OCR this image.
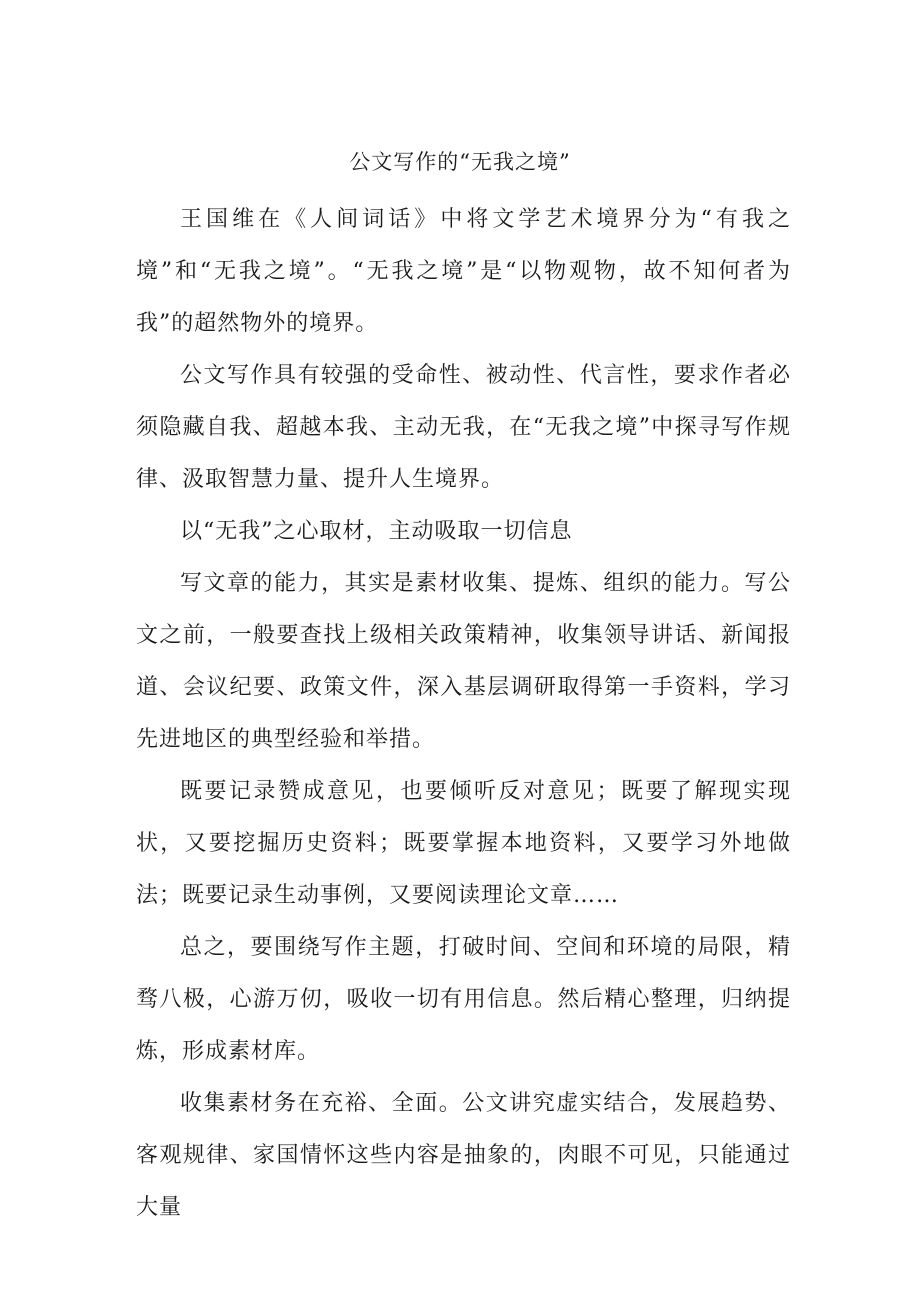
公文写作的“无我之境”

王国维在《人间词话》中将文学艺术境界分为“有我之境”和“无我之境”。“无我之境”是“以物观物，故不知何者为我”的超然物外的境界。

公文写作具有较强的受命性、被动性、代言性，要求作者必须隐藏自我、超越本我、主动无我，在“无我之境”中探寻写作规律、汲取智慧力量、提升人生境界。

以“无我”之心取材，主动吸取一切信息

写文章的能力，其实是素材收集、提炼、组织的能力。写公文之前，一般要查找上级相关政策精神，收集领导讲话、新闻报道、会议纪要、政策文件，深入基层调研取得第一手资料，学习先进地区的典型经验和举措。

既要记录赞成意见，也要倾听反对意见；既要了解现实现状，又要挖掘历史资料；既要掌握本地资料，又要学习外地做法；既要记录生动事例，又要阅读理论文章……

总之，要围绕写作主题，打破时间、空间和环境的局限，精骛八极，心游万仞，吸收一切有用信息。然后精心整理，归纳提炼，形成素材库。

收集素材务在充裕、全面。公文讲究虚实结合，发展趋势、客观规律、家国情怀这些内容是抽象的，肉眼不可见，只能通过大量
